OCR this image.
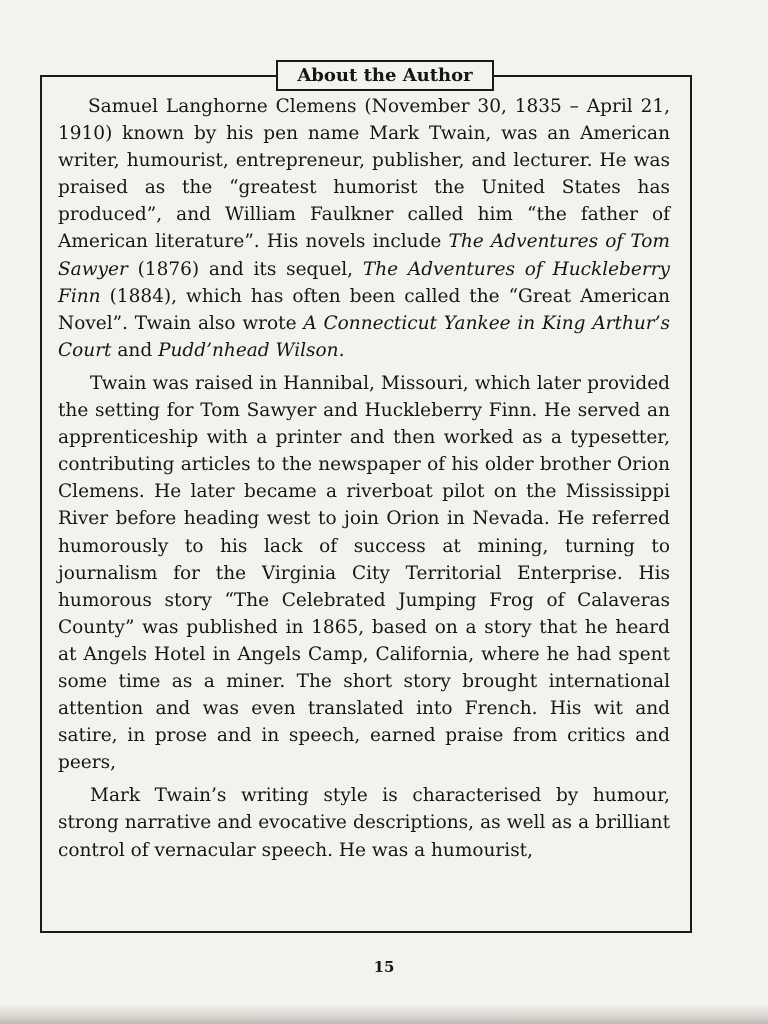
About the Author

Samuel Langhorne Clemens (November 30, 1835 – April 21, 1910) known by his pen name Mark Twain, was an American writer, humourist, entrepreneur, publisher, and lecturer. He was praised as the “greatest humorist the United States has produced”, and William Faulkner called him “the father of American literature”. His novels include The Adventures of Tom Sawyer (1876) and its sequel, The Adventures of Huckleberry Finn (1884), which has often been called the “Great American Novel”. Twain also wrote A Connecticut Yankee in King Arthur’s Court and Pudd’nhead Wilson.

Twain was raised in Hannibal, Missouri, which later provided the setting for Tom Sawyer and Huckleberry Finn. He served an apprenticeship with a printer and then worked as a typesetter, contributing articles to the newspaper of his older brother Orion Clemens. He later became a riverboat pilot on the Mississippi River before heading west to join Orion in Nevada. He referred humorously to his lack of success at mining, turning to journalism for the Virginia City Territorial Enterprise. His humorous story “The Celebrated Jumping Frog of Calaveras County” was published in 1865, based on a story that he heard at Angels Hotel in Angels Camp, California, where he had spent some time as a miner. The short story brought international attention and was even translated into French. His wit and satire, in prose and in speech, earned praise from critics and peers,

Mark Twain’s writing style is characterised by humour, strong narrative and evocative descriptions, as well as a brilliant control of vernacular speech. He was a humourist,

15
